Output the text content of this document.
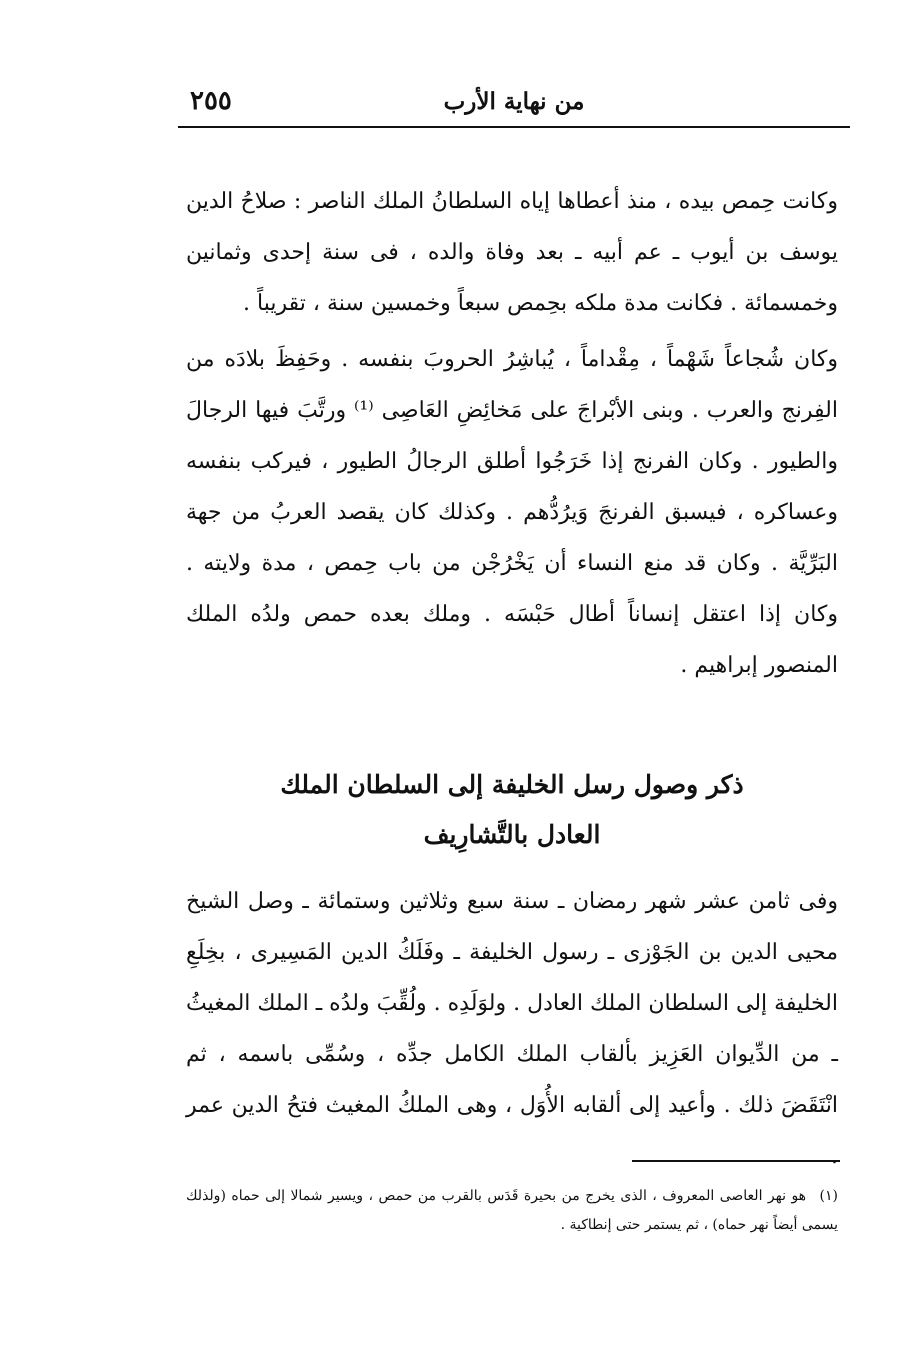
من نهاية الأرب
٢٥٥

وكانت حِمص بيده ، منذ أعطاها إياه السلطانُ الملك الناصر : صلاحُ الدين يوسف بن أيوب ـ عم أبيه ـ بعد وفاة والده ، فى سنة إحدى وثمانين وخمسمائة . فكانت مدة ملكه بحِمص سبعاً وخمسين سنة ، تقريباً .

وكان شُجاعاً شَهْماً ، مِقْداماً ، يُباشِرُ الحروبَ بنفسه . وحَفِظَ بلادَه من الفِرنج والعرب . وبنى الأبْراجَ على مَخائِضِ العَاصِى ⁽¹⁾ ورتَّبَ فيها الرجالَ والطيور . وكان الفرنج إذا خَرَجُوا أطلق الرجالُ الطيور ، فيركب بنفسه وعساكره ، فيسبق الفرنجَ وَيرُدُّهم . وكذلك كان يقصد العربُ من جهة البَرِّيَّة . وكان قد منع النساء أن يَخْرُجْن من باب حِمص ، مدة ولايته . وكان إذا اعتقل إنساناً أطال حَبْسَه . وملك بعده حمص ولدُه الملك المنصور إبراهيم .

ذكر وصول رسل الخليفة إلى السلطان الملك
العادل بالتَّشارِيف

وفى ثامن عشر شهر رمضان ـ سنة سبع وثلاثين وستمائة ـ وصل الشيخ محيى الدين بن الجَوْزى ـ رسول الخليفة ـ وفَلَكُ الدين المَسِيرى ، بخِلَعِ الخليفة إلى السلطان الملك العادل . ولوَلَدِه . ولُقِّبَ ولدُه ـ الملك المغيثُ ـ من الدِّيوان العَزِيز بألقاب الملك الكامل جدِّه ، وسُمِّى باسمه ، ثم انْتَقَضَ ذلك . وأعيد إلى ألقابه الأُوَل ، وهى الملكُ المغيث فتحُ الدين عمر .

(١) هو نهر العاصى المعروف ، الذى يخرج من بحيرة قَدَس بالقرب من حمص ، ويسير شمالا إلى حماه (ولذلك يسمى أيضاً نهر حماه) ، ثم يستمر حتى إنطاكية .
